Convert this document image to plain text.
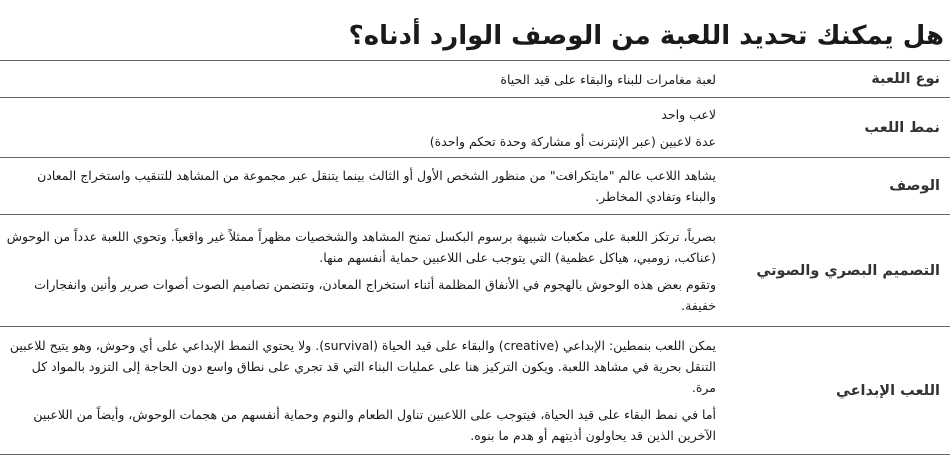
هل يمكنك تحديد اللعبة من الوصف الوارد أدناه؟
نوع اللعبة	لعبة مغامرات للبناء والبقاء على قيد الحياة

نمط اللعب	لاعب واحد

عدة لاعبين (عبر الإنترنت أو مشاركة وحدة تحكم واحدة)

الوصف	يشاهد اللاعب عالم "مايتكرافت" من منظور الشخص الأول أو الثالث بينما يتنقل عبر مجموعة من المشاهد للتنقيب واستخراج المعادن والبناء وتفادي المخاطر.

التصميم البصري والصوتي	بصرياً، ترتكز اللعبة على مكعبات شبيهة برسوم البكسل تمنح المشاهد والشخصيات مظهراً ممثلاً غير واقعياً. وتحوي اللعبة عدداً من الوحوش (عناكب، زومبي، هياكل عظمية) التي يتوجب على اللاعبين حماية أنفسهم منها.

وتقوم بعض هذه الوحوش بالهجوم في الأنفاق المظلمة أثناء استخراج المعادن، وتتضمن تصاميم الصوت أصوات صرير وأنين وانفجارات خفيفة.

اللعب الإبداعي	يمكن اللعب بنمطين: الإبداعي (creative) والبقاء على قيد الحياة (survival). ولا يحتوي النمط الإبداعي على أي وحوش، وهو يتيح للاعبين التنقل بحرية في مشاهد اللعبة. ويكون التركيز هنا على عمليات البناء التي قد تجري على نطاق واسع دون الحاجة إلى التزود بالمواد كل مرة.

أما في نمط البقاء على قيد الحياة، فيتوجب على اللاعبين تناول الطعام والنوم وحماية أنفسهم من هجمات الوحوش، وأيضاً من اللاعبين الآخرين الذين قد يحاولون أذيتهم أو هدم ما بنوه.
